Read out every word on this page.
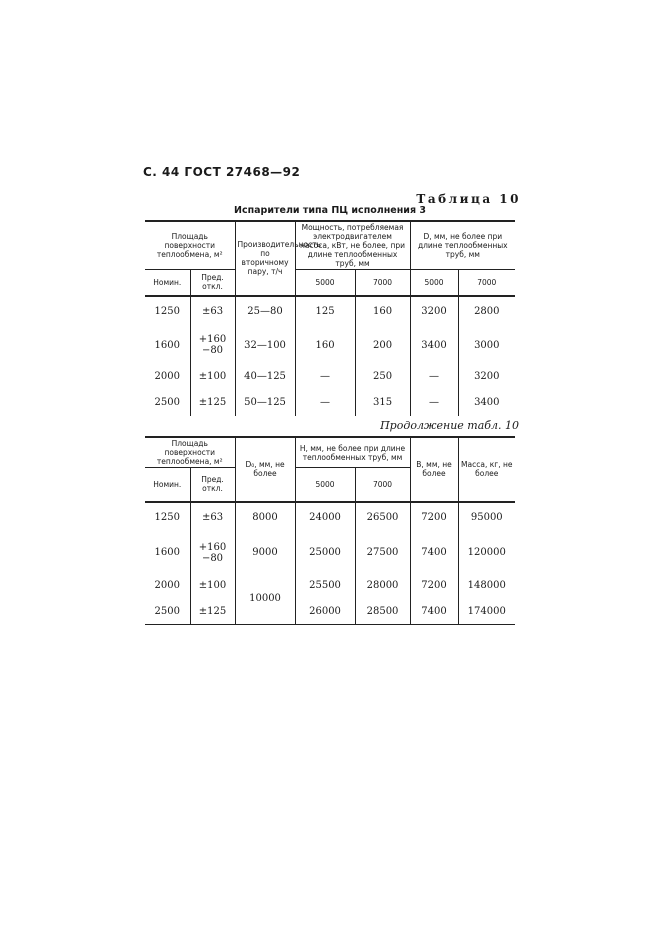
С. 44 ГОСТ 27468—92
Таблица 10
Испарители типа ПЦ исполнения 3
Площадь поверхности теплообмена, м²		Производительность по вторичному пару, т/ч	Мощность, потребляемая электродвигателем насоса, кВт, не более, при длине теплообменных труб, мм		D, мм, не более при длине теплообменных труб, мм	
Номин.	Пред. откл.		5000	7000	5000	7000

1250	±63	25—80	125	160	3200	2800
1600	+160
−80	32—100	160	200	3400	3000
2000	±100	40—125	—	250	—	3200
2500	±125	50—125	—	315	—	3400
Продолжение табл. 10
Площадь поверхности теплообмена, м²		D₀, мм, не более	H, мм, не более при длине теплообменных труб, мм		B, мм, не более	Масса, кг, не более
Номин.	Пред. откл.		5000	7000		

1250	±63	8000	24000	26500	7200	95000
1600	+160
−80	9000	25000	27500	7400	120000
2000	±100	10000	25500	28000	7200	148000
2500	±125		26000	28500	7400	174000
